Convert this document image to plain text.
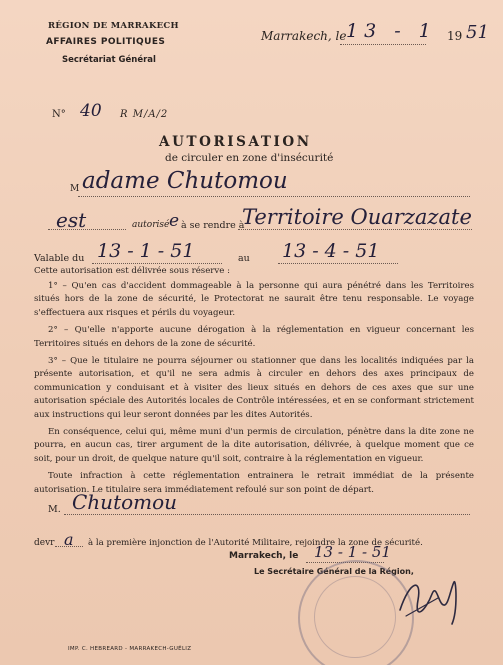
RÉGION DE MARRAKECH
AFFAIRES POLITIQUES
Secrétariat Général
N° 40 R M/A/2
Marrakech, le 13 - 1 19 51
AUTORISATION
de circuler en zone d'insécurité
M adame Chutomou
est	autorisé e à se rendre à
Territoire Ouarzazate
Valable du 13 - 1 - 51	au 13 - 4 - 51
Cette autorisation est délivrée sous réserve :

1° – Qu'en cas d'accident dommageable à la personne qui aura pénétré dans les Territoires situés hors de la zone de sécurité, le Protectorat ne saurait être tenu responsable. Le voyage s'effectuera aux risques et périls du voyageur.

2° – Qu'elle n'apporte aucune dérogation à la réglementation en vigueur concernant les Territoires situés en dehors de la zone de sécurité.

3° – Que le titulaire ne pourra séjourner ou stationner que dans les localités indiquées par la présente autorisation, et qu'il ne sera admis à circuler en dehors des axes principaux de communication y conduisant et à visiter des lieux situés en dehors de ces axes que sur une autorisation spéciale des Autorités locales de Contrôle intéressées, et en se conformant strictement aux instructions qui leur seront données par les dites Autorités.

En conséquence, celui qui, même muni d'un permis de circulation, pénètre dans la dite zone ne pourra, en aucun cas, tirer argument de la dite autorisation, délivrée, à quelque moment que ce soit, pour un droit, de quelque nature qu'il soit, contraire à la réglementation en vigueur.

Toute infraction à cette réglementation entrainera le retrait immédiat de la présente autorisation. Le titulaire sera immédiatement refoulé sur son point de départ.

M. Chutomou
devr a à la première injonction de l'Autorité Militaire, rejoindre la zone de sécurité.
Marrakech, le 13 - 1 - 51
Le Secrétaire Général de la Région,
IMP. C. HEBREARD - MARRAKECH-GUÉLIZ
